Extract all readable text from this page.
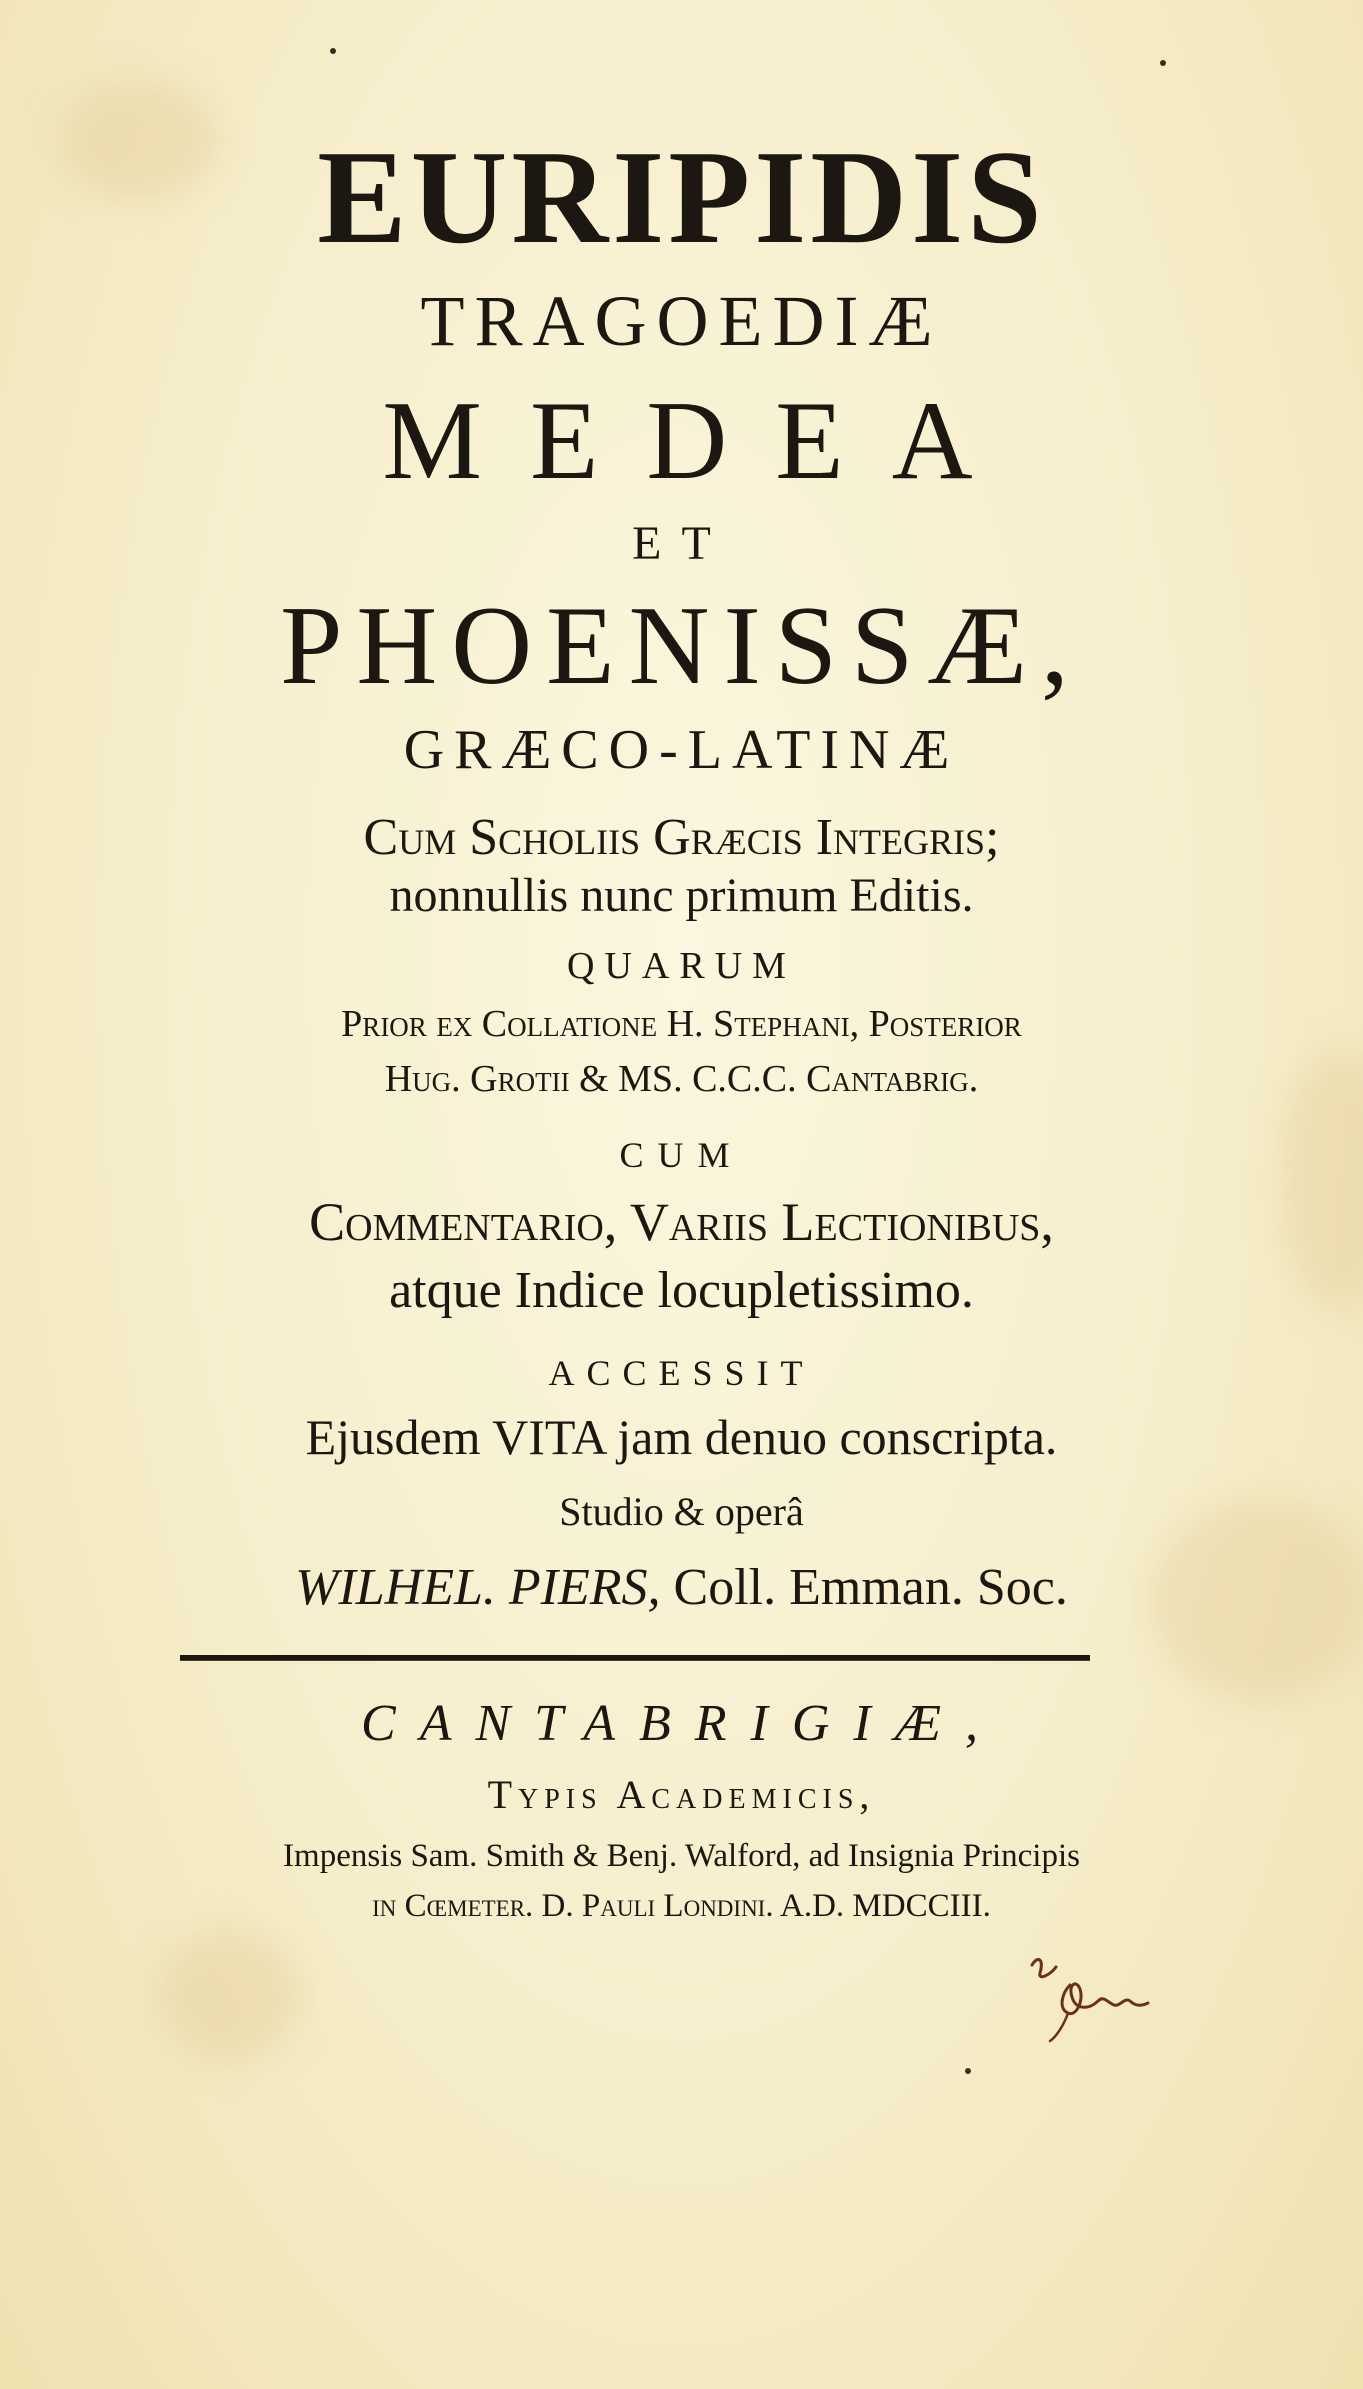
EURIPIDIS
TRAGOEDIÆ
MEDEA
ET
PHOENISSÆ,
GRÆCO-LATINÆ
Cum Scholiis Græcis Integris;
nonnullis nunc primum Editis.
QUARUM
Prior ex Collatione H. Stephani, Posterior
Hug. Grotii & MS. C.C.C. Cantabrig.
CUM
Commentario, Variis Lectionibus,
atque Indice locupletissimo.
ACCESSIT
Ejusdem VITA jam denuo conscripta.
Studio & operâ
WILHEL. PIERS, Coll. Emman. Soc.
CANTABRIGIÆ,
Typis Academicis,
Impensis Sam. Smith & Benj. Walford, ad Insignia Principis
in Cœmeter. D. Pauli Londini. A.D. MDCCIII.
